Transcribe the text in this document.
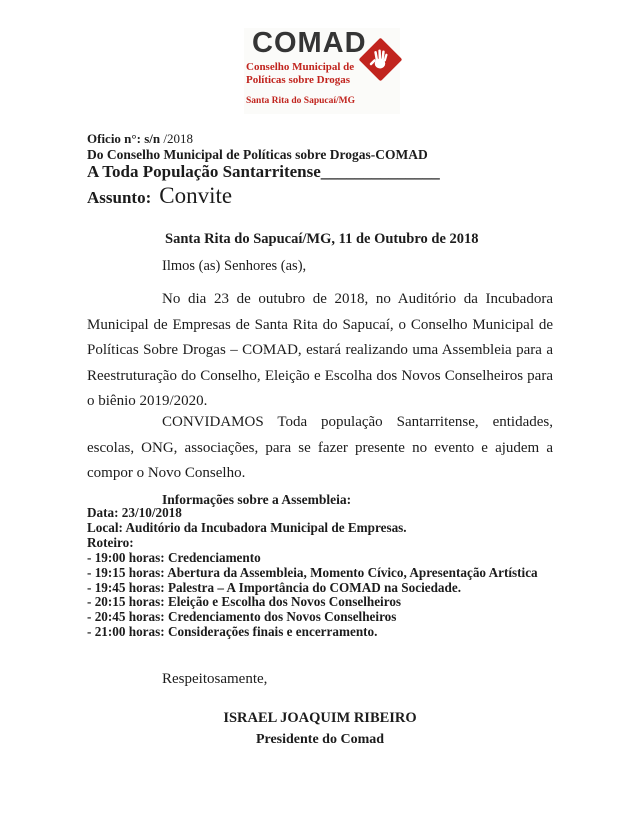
COMAD
Conselho Municipal de
Políticas sobre Drogas
Santa Rita do Sapucaí/MG
Oficio n°: s/n /2018
Do Conselho Municipal de Políticas sobre Drogas-COMAD
A Toda População Santarritense______________
Assunto: Convite
Santa Rita do Sapucaí/MG, 11 de Outubro de 2018
Ilmos (as) Senhores (as),
No dia 23 de outubro de 2018, no Auditório da Incubadora Municipal de Empresas de Santa Rita do Sapucaí, o Conselho Municipal de Políticas Sobre Drogas – COMAD, estará realizando uma Assembleia para a Reestruturação do Conselho, Eleição e Escolha dos Novos Conselheiros para o biênio 2019/2020.
CONVIDAMOS Toda população Santarritense, entidades, escolas, ONG, associações, para se fazer presente no evento e ajudem a compor o Novo Conselho.
Informações sobre a Assembleia:
Data: 23/10/2018
Local: Auditório da Incubadora Municipal de Empresas.
Roteiro:
- 19:00 horas: Credenciamento
- 19:15 horas: Abertura da Assembleia, Momento Cívico, Apresentação Artística
- 19:45 horas: Palestra – A Importância do COMAD na Sociedade.
- 20:15 horas: Eleição e Escolha dos Novos Conselheiros
- 20:45 horas: Credenciamento dos Novos Conselheiros
- 21:00 horas: Considerações finais e encerramento.
Respeitosamente,
ISRAEL JOAQUIM RIBEIRO
Presidente do Comad
